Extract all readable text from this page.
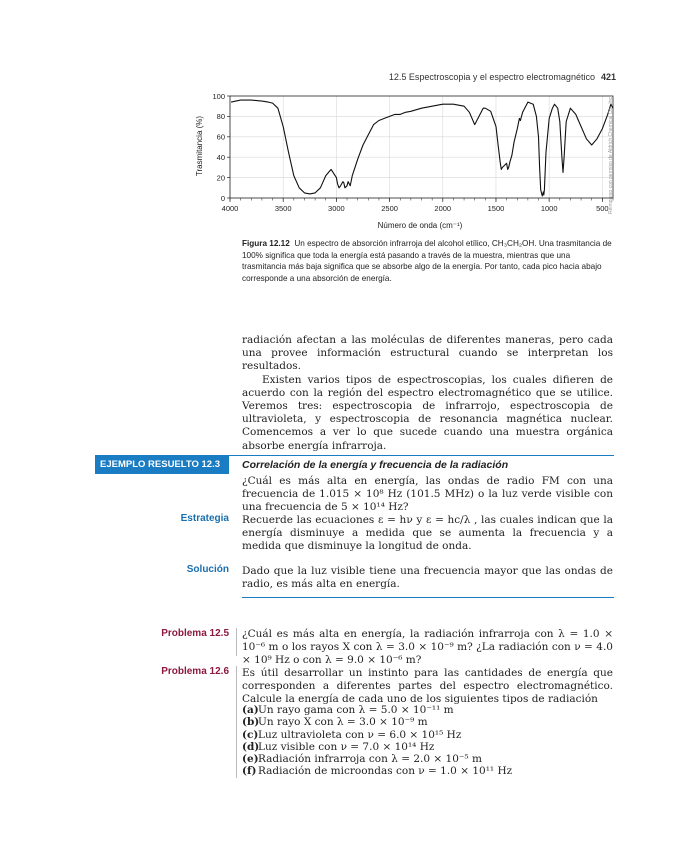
12.5 Espectroscopia y el espectro electromagnético 421
0
20
40
60
80
100
4000	3500	3000	2500	2000	1500	1000	500
Trasmitancia (%)
Número de onda (cm⁻¹)
Reimpreso con permiso de Aldrich Chemical Co., Inc.
Figura 12.12 Un espectro de absorción infrarroja del alcohol etílico, CH₃CH₂OH. Una trasmitancia de 100% significa que toda la energía está pasando a través de la muestra, mientras que una trasmitancia más baja significa que se absorbe algo de la energía. Por tanto, cada pico hacia abajo corresponde a una absorción de energía.

radiación afectan a las moléculas de diferentes maneras, pero cada una provee información estructural cuando se interpretan los resultados.

Existen varios tipos de espectroscopias, los cuales difieren de acuerdo con la región del espectro electromagnético que se utilice. Veremos tres: espectroscopia de infrarrojo, espectroscopia de ultravioleta, y espectroscopia de resonancia magnética nuclear. Comencemos a ver lo que sucede cuando una muestra orgánica absorbe energía infrarroja.

EJEMPLO RESUELTO 12.3	Correlación de la energía y frecuencia de la radiación
¿Cuál es más alta en energía, las ondas de radio FM con una frecuencia de 1.015 × 10⁸ Hz (101.5 MHz) o la luz verde visible con una frecuencia de 5 × 10¹⁴ Hz?
Estrategia Recuerde las ecuaciones ε = hν y ε = hc/λ , las cuales indican que la energía disminuye a medida que se aumenta la frecuencia y a medida que disminuye la longitud de onda.
Solución Dado que la luz visible tiene una frecuencia mayor que las ondas de radio, es más alta en energía.
Problema 12.5 ¿Cuál es más alta en energía, la radiación infrarroja con λ = 1.0 × 10⁻⁶ m o los rayos X con λ = 3.0 × 10⁻⁹ m? ¿La radiación con ν = 4.0 × 10⁹ Hz o con λ = 9.0 × 10⁻⁶ m?
Problema 12.6 Es útil desarrollar un instinto para las cantidades de energía que corresponden a diferentes partes del espectro electromagnético. Calcule la energía de cada uno de los siguientes tipos de radiación
(a)Un rayo gama con λ = 5.0 × 10⁻¹¹ m
(b)Un rayo X con λ = 3.0 × 10⁻⁹ m
(c)Luz ultravioleta con ν = 6.0 × 10¹⁵ Hz
(d)Luz visible con ν = 7.0 × 10¹⁴ Hz
(e)Radiación infrarroja con λ = 2.0 × 10⁻⁵ m
(f) Radiación de microondas con ν = 1.0 × 10¹¹ Hz
